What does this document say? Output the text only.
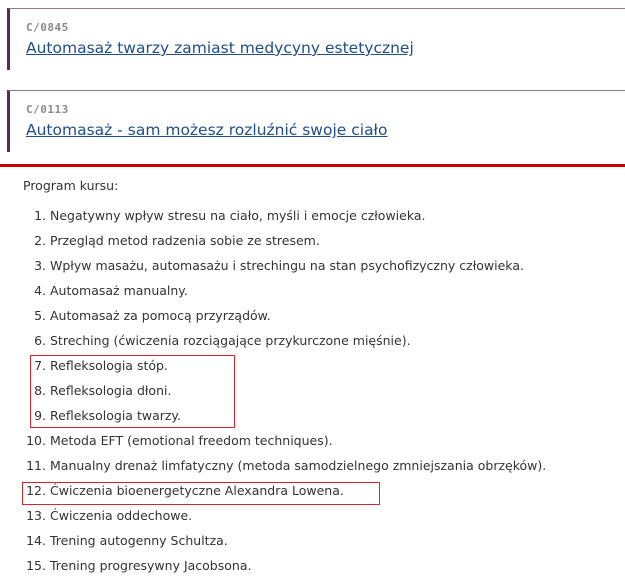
C/0845
Automasaż twarzy zamiast medycyny estetycznej
C/0113
Automasaż - sam możesz rozluźnić swoje ciało
Program kursu:
1. Negatywny wpływ stresu na ciało, myśli i emocje człowieka.
2. Przegląd metod radzenia sobie ze stresem.
3. Wpływ masażu, automasażu i strechingu na stan psychofizyczny człowieka.
4. Automasaż manualny.
5. Automasaż za pomocą przyrządów.
6. Streching (ćwiczenia rozciągające przykurczone mięśnie).
7. Refleksologia stóp.
8. Refleksologia dłoni.
9. Refleksologia twarzy.
10. Metoda EFT (emotional freedom techniques).
11. Manualny drenaż limfatyczny (metoda samodzielnego zmniejszania obrzęków).
12. Ćwiczenia bioenergetyczne Alexandra Lowena.
13. Ćwiczenia oddechowe.
14. Trening autogenny Schultza.
15. Trening progresywny Jacobsona.
